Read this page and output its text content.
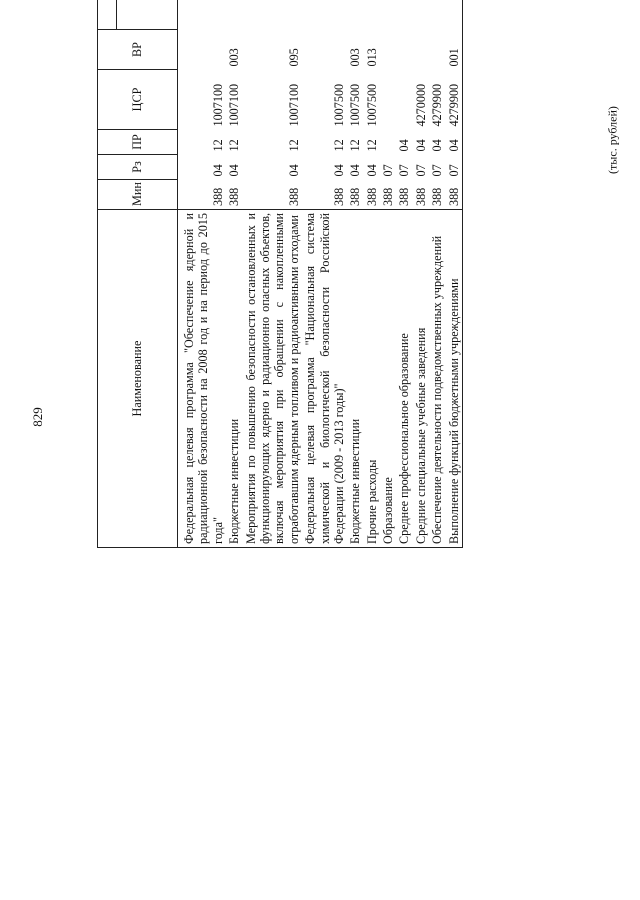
829
(тыс. рублей)
Наименование	Мин	Рз	ПР	ЦСР	ВР	

Федеральная целевая программа "Обеспечение ядерной и радиационной безопасности на 2008 год и на период до 2015 года"	388	04	12	1007100			
Бюджетные инвестиции	388	04	12	1007100	003		
Мероприятия по повышению безопасности остановленных и функционирующих ядерно и радиационно опасных объектов, включая мероприятия при обращении с накопленными отработавшим ядерным топливом и радиоактивными отходами	388	04	12	1007100	095		
Федеральная целевая программа "Национальная система химической и биологической безопасности Российской Федерации (2009 - 2013 годы)"	388	04	12	1007500			
Бюджетные инвестиции	388	04	12	1007500	003		
Прочие расходы	388	04	12	1007500	013		
Образование	388	07					
Среднее профессиональное образование	388	07	04				
Средние специальные учебные заведения	388	07	04	4270000			
Обеспечение деятельности подведомственных учреждений	388	07	04	4279900			
Выполнение функций бюджетными учреждениями	388	07	04	4279900	001		
